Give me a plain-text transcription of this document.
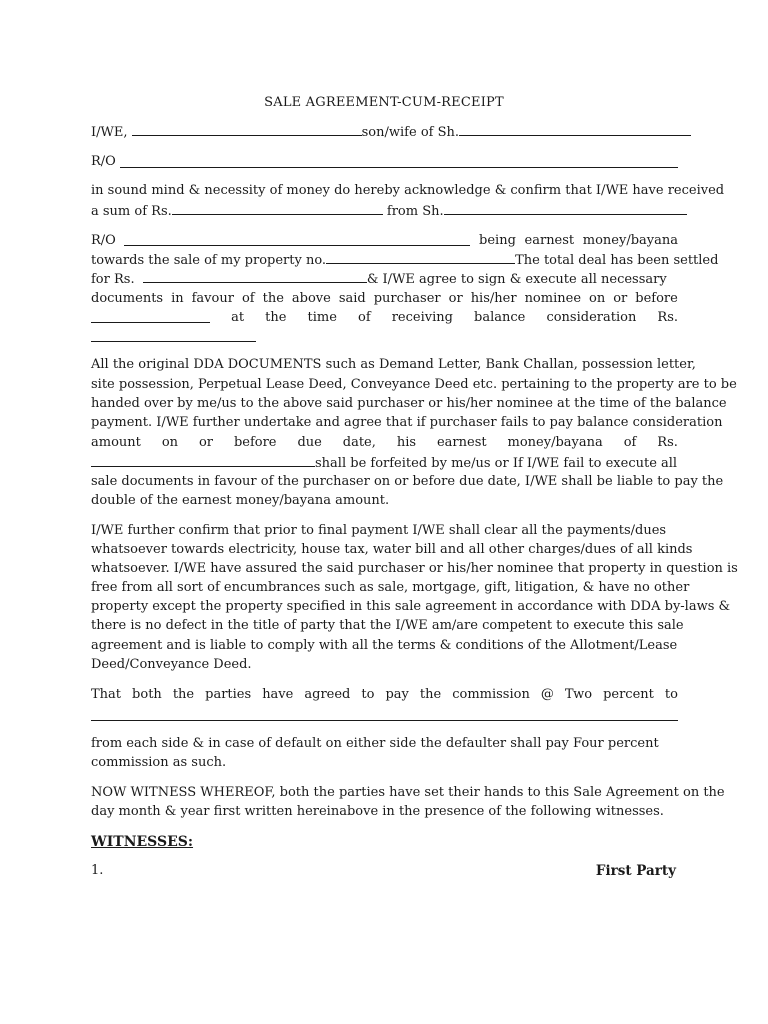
SALE AGREEMENT-CUM-RECEIPT
I/WE,	son/wife of Sh.
R/O
in sound mind & necessity of money do hereby acknowledge & confirm that I/WE have received
a sum of Rs.	from Sh.
R/O	being earnest money/bayana
towards the sale of my property no.	The total deal has been settled
for Rs.	& I/WE agree to sign & execute all necessary
documents in favour of the above said purchaser or his/her nominee on or before
at the time of receiving balance consideration Rs.
All the original DDA DOCUMENTS such as Demand Letter, Bank Challan, possession letter,
site possession, Perpetual Lease Deed, Conveyance Deed etc. pertaining to the property are to be
handed over by me/us to the above said purchaser or his/her nominee at the time of the balance
payment. I/WE further undertake and agree that if purchaser fails to pay balance consideration
amount on or before due date, his earnest money/bayana of Rs.
shall be forfeited by me/us or If I/WE fail to execute all
sale documents in favour of the purchaser on or before due date, I/WE shall be liable to pay the
double of the earnest money/bayana amount.
I/WE further confirm that prior to final payment I/WE shall clear all the payments/dues
whatsoever towards electricity, house tax, water bill and all other charges/dues of all kinds
whatsoever. I/WE have assured the said purchaser or his/her nominee that property in question is
free from all sort of encumbrances such as sale, mortgage, gift, litigation, & have no other
property except the property specified in this sale agreement in accordance with DDA by-laws &
there is no defect in the title of party that the I/WE am/are competent to execute this sale
agreement and is liable to comply with all the terms & conditions of the Allotment/Lease
Deed/Conveyance Deed.
That both the parties have agreed to pay the commission @ Two percent to
from each side & in case of default on either side the defaulter shall pay Four percent
commission as such.
NOW WITNESS WHEREOF, both the parties have set their hands to this Sale Agreement on the
day month & year first written hereinabove in the presence of the following witnesses.
WITNESSES:
1.	First Party
